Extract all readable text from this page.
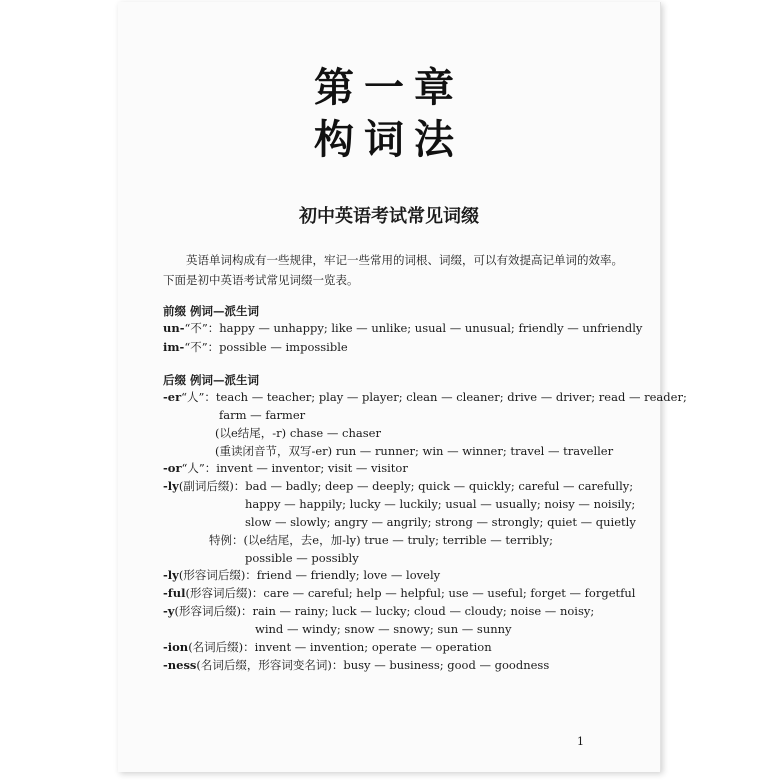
第一章
构词法
初中英语考试常见词缀
英语单词构成有一些规律，牢记一些常用的词根、词缀，可以有效提高记单词的效率。下面是初中英语考试常见词缀一览表。
前缀 例词—派生词
un-“不”：happy — unhappy; like — unlike; usual — unusual; friendly — unfriendly
im-“不”：possible — impossible
后缀 例词—派生词
-er“人”：teach — teacher; play — player; clean — cleaner; drive — driver; read — reader;
farm — farmer
(以e结尾，-r) chase — chaser
(重读闭音节，双写-er) run — runner; win — winner; travel — traveller
-or“人”：invent — inventor; visit — visitor
-ly(副词后缀)：bad — badly; deep — deeply; quick — quickly; careful — carefully;
happy — happily; lucky — luckily; usual — usually; noisy — noisily;
slow — slowly; angry — angrily; strong — strongly; quiet — quietly
特例：(以e结尾，去e，加-ly) true — truly; terrible — terribly;
possible — possibly
-ly(形容词后缀)：friend — friendly; love — lovely
-ful(形容词后缀)：care — careful; help — helpful; use — useful; forget — forgetful
-y(形容词后缀)：rain — rainy; luck — lucky; cloud — cloudy; noise — noisy;
wind — windy; snow — snowy; sun — sunny
-ion(名词后缀)：invent — invention; operate — operation
-ness(名词后缀，形容词变名词)：busy — business; good — goodness
1
